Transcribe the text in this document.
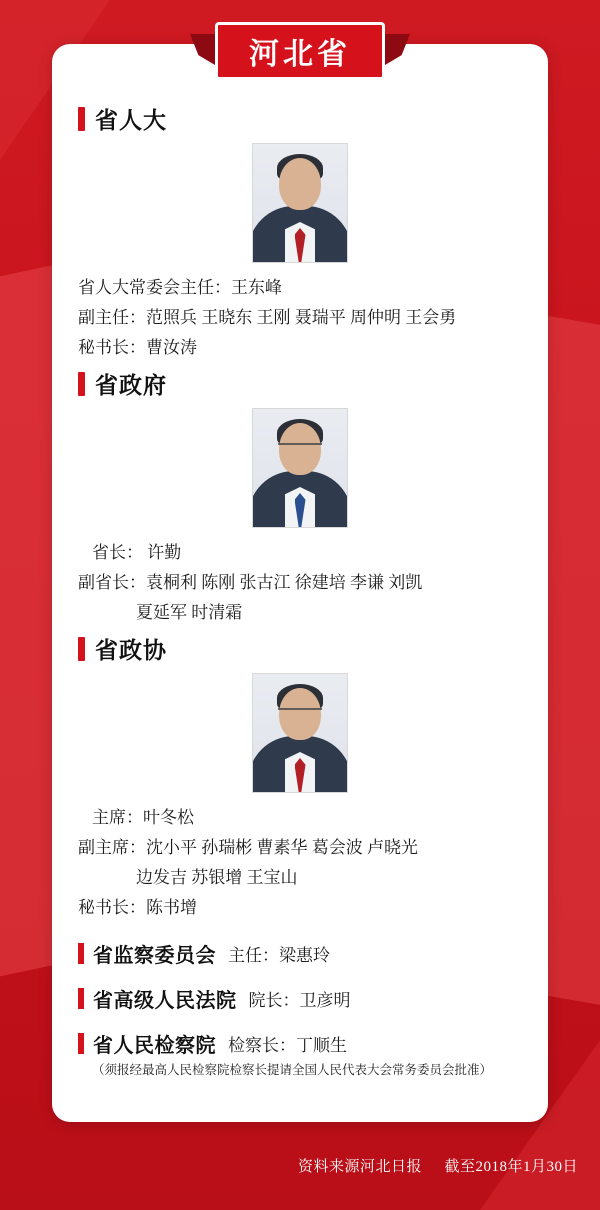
河北省
省人大
省人大常委会主任：王东峰
副主任：范照兵 王晓东 王刚 聂瑞平 周仲明 王会勇
秘书长：曹汝涛
省政府
省长： 许勤
副省长：袁桐利 陈刚 张古江 徐建培 李谦 刘凯
夏延军 时清霜
省政协
主席：叶冬松
副主席：沈小平 孙瑞彬 曹素华 葛会波 卢晓光
边发吉 苏银增 王宝山
秘书长：陈书增
省监察委员会 主任：梁惠玲
省高级人民法院 院长：卫彦明
省人民检察院 检察长：丁顺生
（须报经最高人民检察院检察长提请全国人民代表大会常务委员会批准）
资料来源河北日报 截至2018年1月30日
